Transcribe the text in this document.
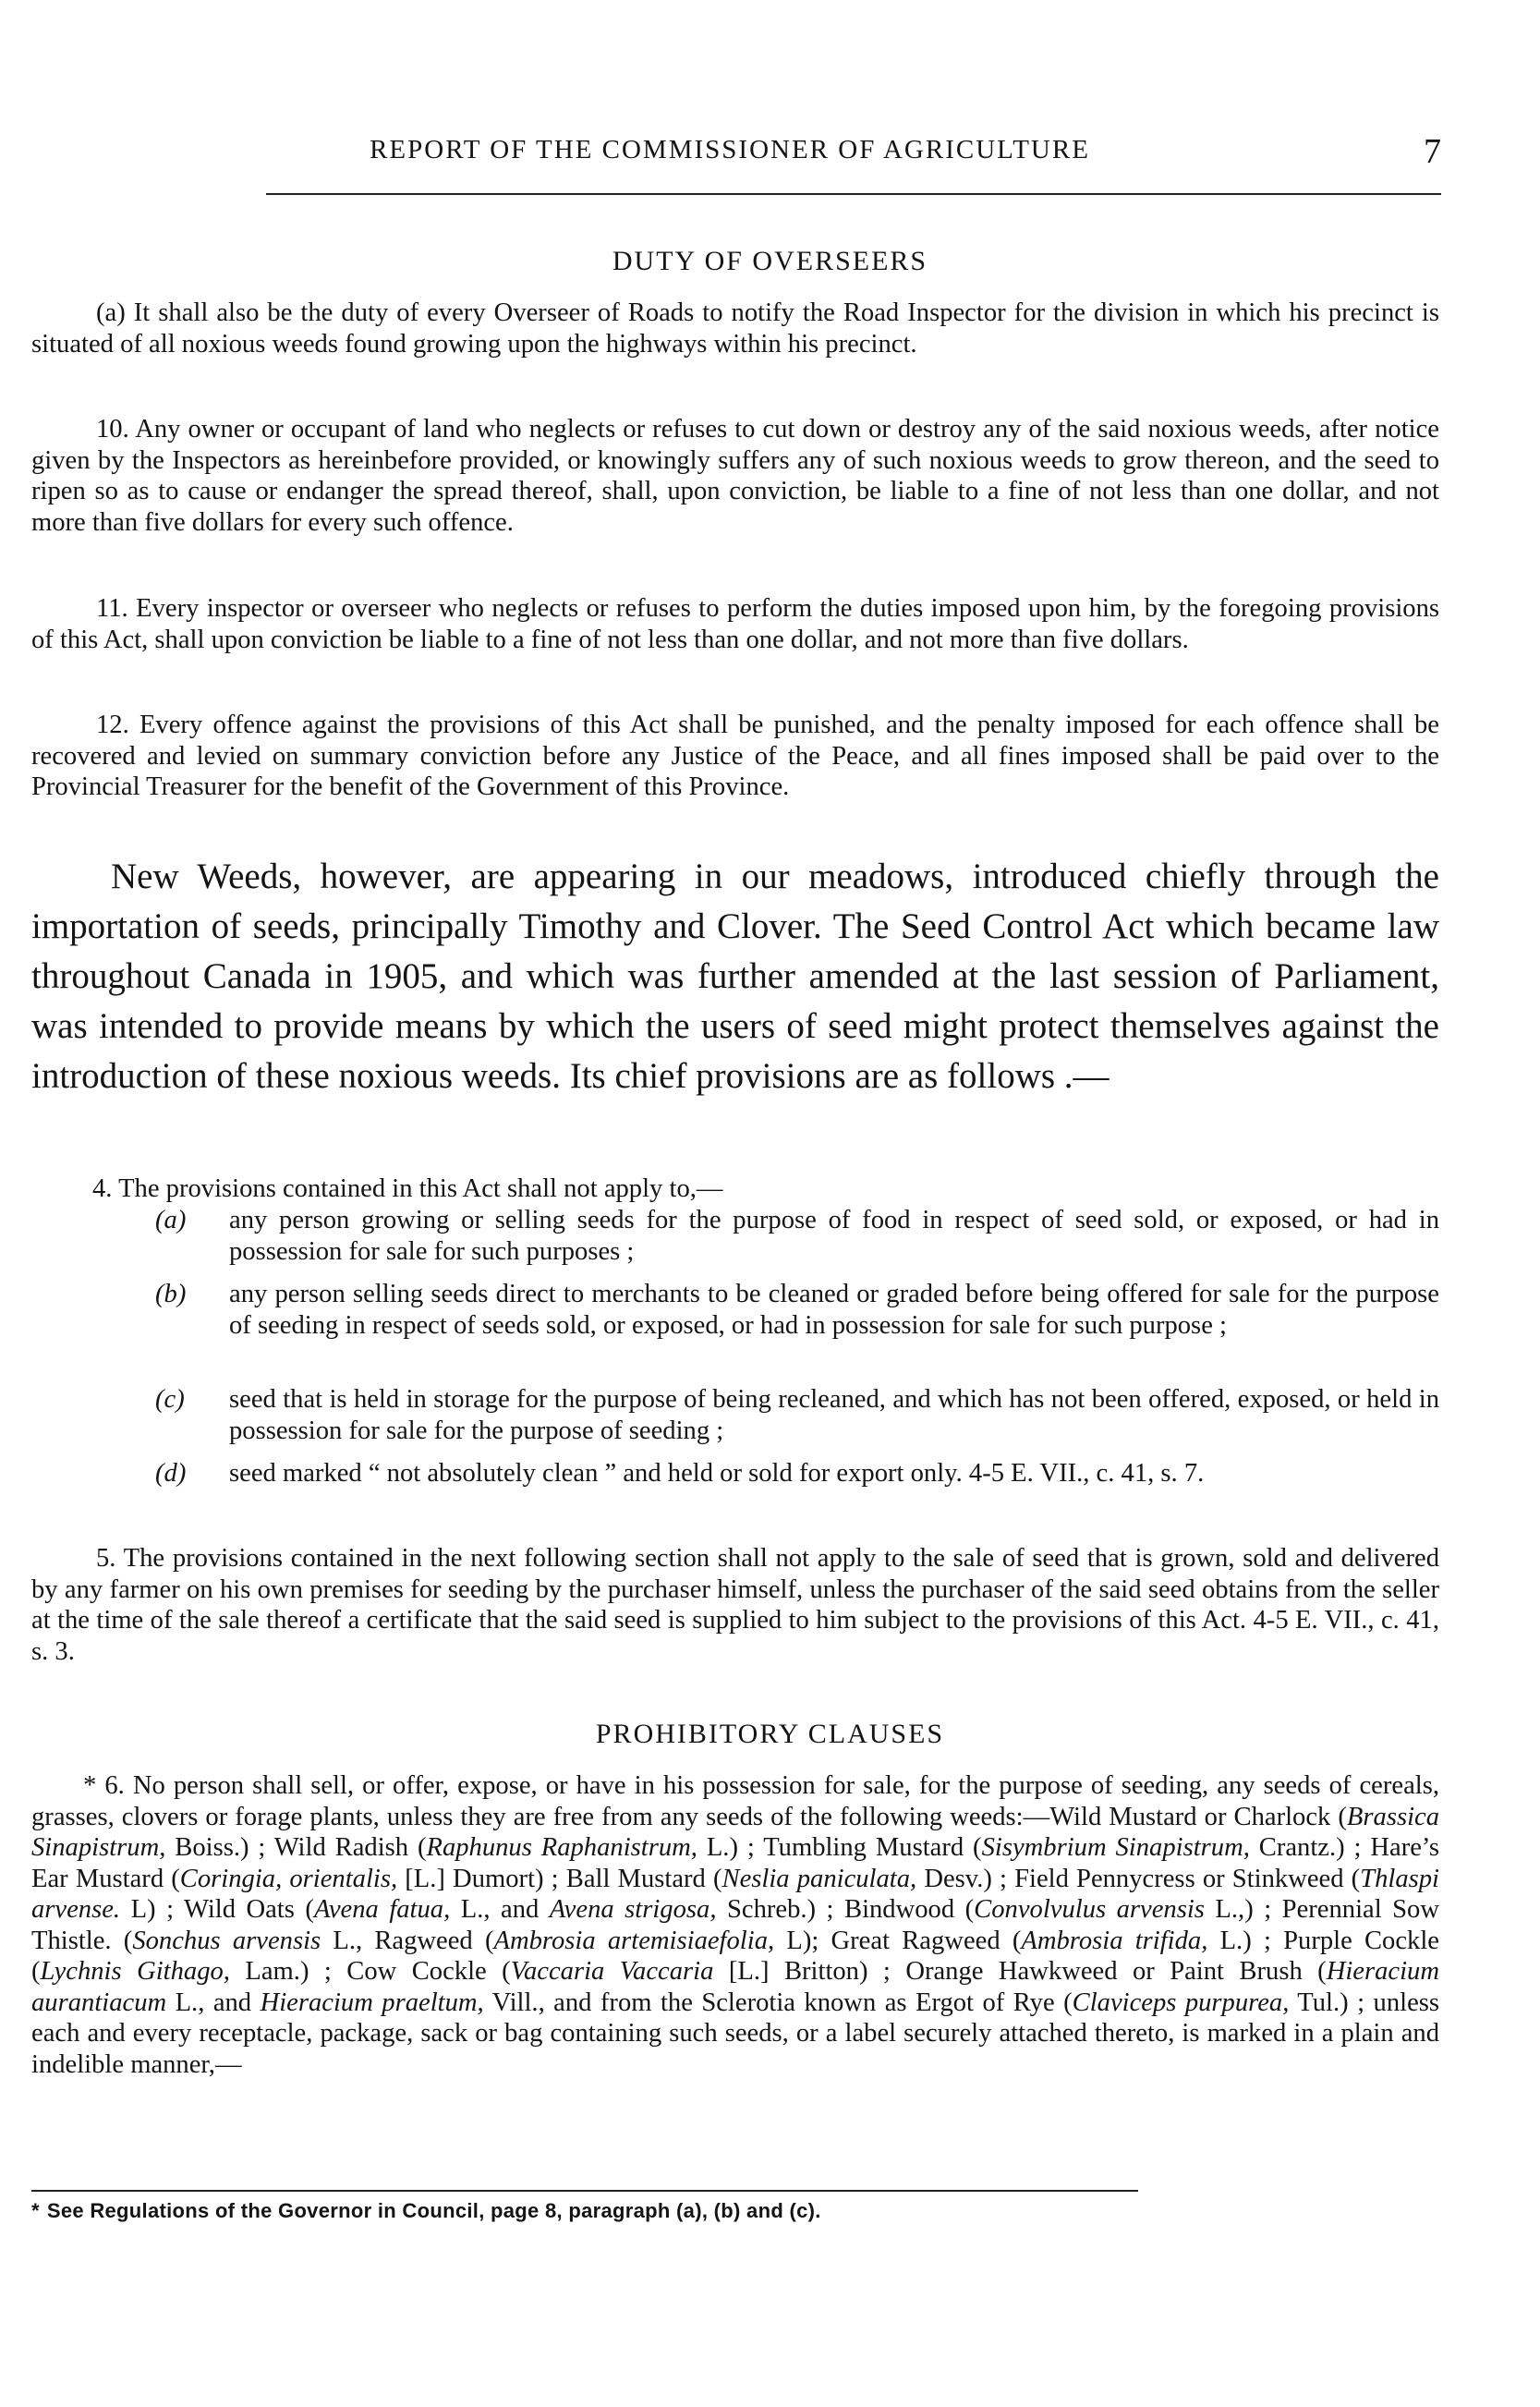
REPORT OF THE COMMISSIONER OF AGRICULTURE	7
DUTY OF OVERSEERS

(a) It shall also be the duty of every Overseer of Roads to notify the Road Inspector for the division in which his precinct is situated of all noxious weeds found growing upon the highways within his precinct.

10. Any owner or occupant of land who neglects or refuses to cut down or destroy any of the said noxious weeds, after notice given by the Inspectors as hereinbefore provided, or knowingly suffers any of such noxious weeds to grow thereon, and the seed to ripen so as to cause or endanger the spread thereof, shall, upon conviction, be liable to a fine of not less than one dollar, and not more than five dollars for every such offence.

11. Every inspector or overseer who neglects or refuses to perform the duties imposed upon him, by the foregoing provisions of this Act, shall upon conviction be liable to a fine of not less than one dollar, and not more than five dollars.

12. Every offence against the provisions of this Act shall be punished, and the penalty imposed for each offence shall be recovered and levied on summary conviction before any Justice of the Peace, and all fines imposed shall be paid over to the Provincial Treasurer for the benefit of the Government of this Province.

New Weeds, however, are appearing in our meadows, introduced chiefly through the importation of seeds, principally Timothy and Clover. The Seed Control Act which became law throughout Canada in 1905, and which was further amended at the last session of Parliament, was intended to provide means by which the users of seed might protect themselves against the introduction of these noxious weeds. Its chief provisions are as follows .—

4. The provisions contained in this Act shall not apply to,—
(a) any person growing or selling seeds for the purpose of food in respect of seed sold, or exposed, or had in possession for sale for such purposes ;
(b) any person selling seeds direct to merchants to be cleaned or graded before being offered for sale for the purpose of seeding in respect of seeds sold, or exposed, or had in possession for sale for such purpose ;
(c) seed that is held in storage for the purpose of being recleaned, and which has not been offered, exposed, or held in possession for sale for the purpose of seeding ;
(d) seed marked “ not absolutely clean ” and held or sold for export only. 4-5 E. VII., c. 41, s. 7.

5. The provisions contained in the next following section shall not apply to the sale of seed that is grown, sold and delivered by any farmer on his own premises for seeding by the purchaser himself, unless the purchaser of the said seed obtains from the seller at the time of the sale thereof a certificate that the said seed is supplied to him subject to the provisions of this Act. 4-5 E. VII., c. 41, s. 3.

PROHIBITORY CLAUSES

* 6. No person shall sell, or offer, expose, or have in his possession for sale, for the purpose of seeding, any seeds of cereals, grasses, clovers or forage plants, unless they are free from any seeds of the following weeds:—Wild Mustard or Charlock (Brassica Sinapistrum, Boiss.) ; Wild Radish (Raphunus Raphanistrum, L.) ; Tumbling Mustard (Sisymbrium Sinapistrum, Crantz.) ; Hare’s Ear Mustard (Coringia, orientalis, [L.] Dumort) ; Ball Mustard (Neslia paniculata, Desv.) ; Field Pennycress or Stinkweed (Thlaspi arvense. L) ; Wild Oats (Avena fatua, L., and Avena strigosa, Schreb.) ; Bindwood (Convolvulus arvensis L.,) ; Perennial Sow Thistle. (Sonchus arvensis L., Ragweed (Ambrosia artemisiaefolia, L); Great Ragweed (Ambrosia trifida, L.) ; Purple Cockle (Lychnis Githago, Lam.) ; Cow Cockle (Vaccaria Vaccaria [L.] Britton) ; Orange Hawkweed or Paint Brush (Hieracium aurantiacum L., and Hieracium praeltum, Vill., and from the Sclerotia known as Ergot of Rye (Claviceps purpurea, Tul.) ; unless each and every receptacle, package, sack or bag containing such seeds, or a label securely attached thereto, is marked in a plain and indelible manner,—

* See Regulations of the Governor in Council, page 8, paragraph (a), (b) and (c).
